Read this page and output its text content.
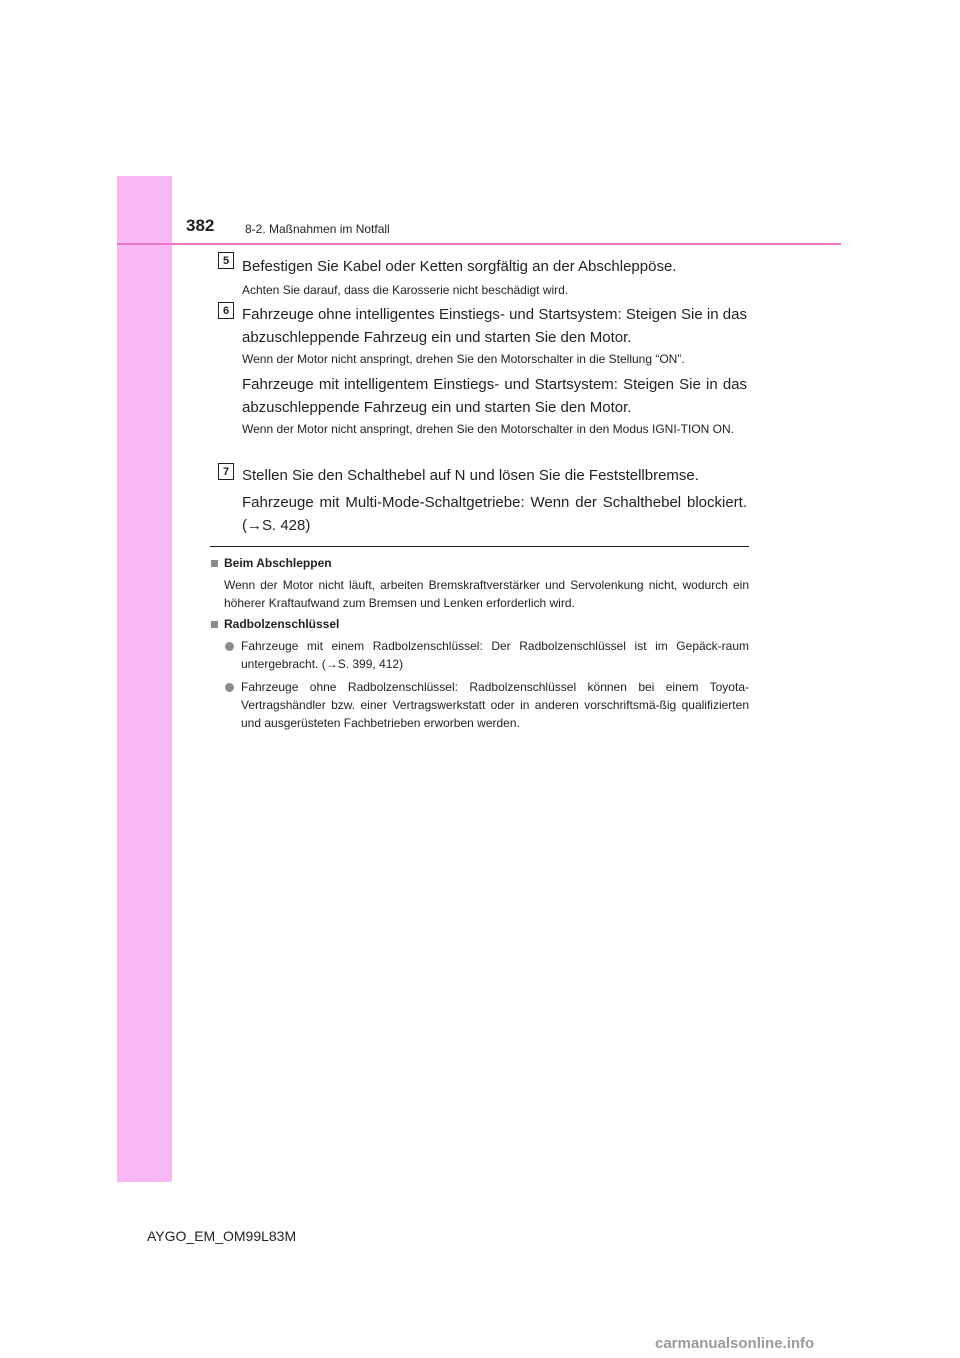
382	8-2. Maßnahmen im Notfall
5 Befestigen Sie Kabel oder Ketten sorgfältig an der Abschleppöse.
Achten Sie darauf, dass die Karosserie nicht beschädigt wird.
6 Fahrzeuge ohne intelligentes Einstiegs- und Startsystem: Steigen Sie in das abzuschleppende Fahrzeug ein und starten Sie den Motor.
Wenn der Motor nicht anspringt, drehen Sie den Motorschalter in die Stellung “ON”.
Fahrzeuge mit intelligentem Einstiegs- und Startsystem: Steigen Sie in das abzuschleppende Fahrzeug ein und starten Sie den Motor.
Wenn der Motor nicht anspringt, drehen Sie den Motorschalter in den Modus IGNI-TION ON.
7 Stellen Sie den Schalthebel auf N und lösen Sie die Feststellbremse.
Fahrzeuge mit Multi-Mode-Schaltgetriebe: Wenn der Schalthebel blockiert. (→S. 428)
Beim Abschleppen
Wenn der Motor nicht läuft, arbeiten Bremskraftverstärker und Servolenkung nicht, wodurch ein höherer Kraftaufwand zum Bremsen und Lenken erforderlich wird.
Radbolzenschlüssel
Fahrzeuge mit einem Radbolzenschlüssel: Der Radbolzenschlüssel ist im Gepäck-raum untergebracht. (→S. 399, 412)
Fahrzeuge ohne Radbolzenschlüssel: Radbolzenschlüssel können bei einem Toyota-Vertragshändler bzw. einer Vertragswerkstatt oder in anderen vorschriftsmä-ßig qualifizierten und ausgerüsteten Fachbetrieben erworben werden.
AYGO_EM_OM99L83M
carmanualsonline.info
